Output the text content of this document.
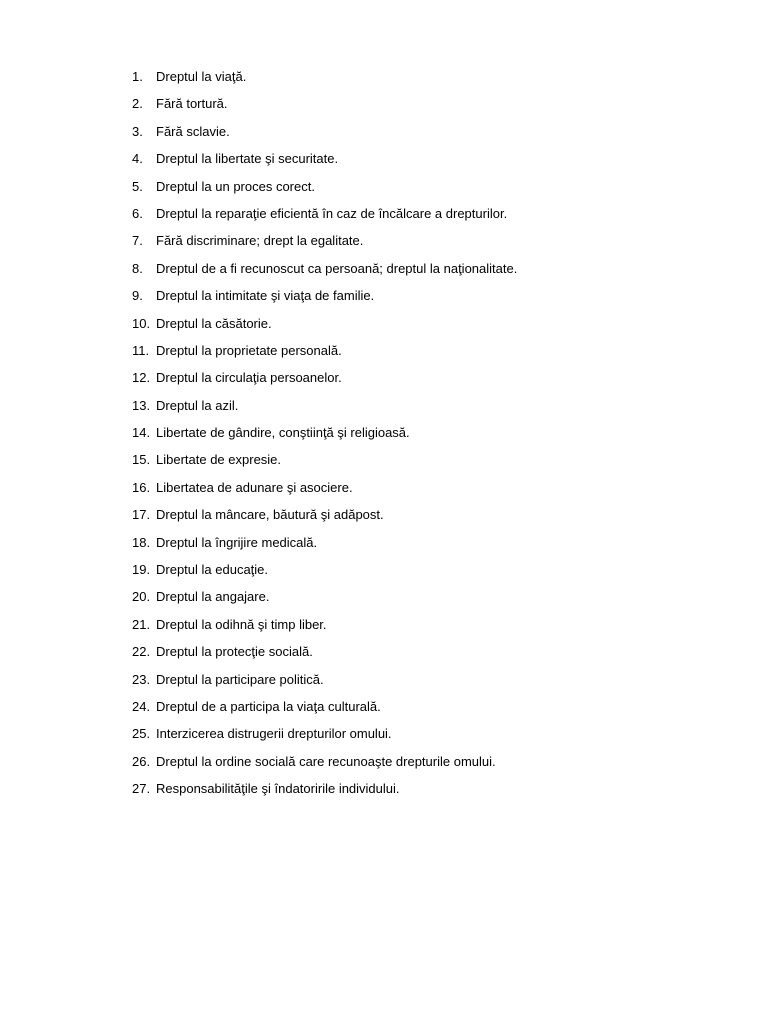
1. Dreptul la viaţă.
2. Fără tortură.
3. Fără sclavie.
4. Dreptul la libertate şi securitate.
5. Dreptul la un proces corect.
6. Dreptul la reparaţie eficientă în caz de încălcare a drepturilor.
7. Fără discriminare; drept la egalitate.
8. Dreptul de a fi recunoscut ca persoană; dreptul la naţionalitate.
9. Dreptul la intimitate şi viaţa de familie.
10. Dreptul la căsătorie.
11. Dreptul la proprietate personală.
12. Dreptul la circulaţia persoanelor.
13. Dreptul la azil.
14. Libertate de gândire, conştiinţă şi religioasă.
15. Libertate de expresie.
16. Libertatea de adunare şi asociere.
17. Dreptul la mâncare, băutură şi adăpost.
18. Dreptul la îngrijire medicală.
19. Dreptul la educaţie.
20. Dreptul la angajare.
21. Dreptul la odihnă şi timp liber.
22. Dreptul la protecţie socială.
23. Dreptul la participare politică.
24. Dreptul de a participa la viaţa culturală.
25. Interzicerea distrugerii drepturilor omului.
26. Dreptul la ordine socială care recunoaşte drepturile omului.
27. Responsabilităţile şi îndatoririle individului.
